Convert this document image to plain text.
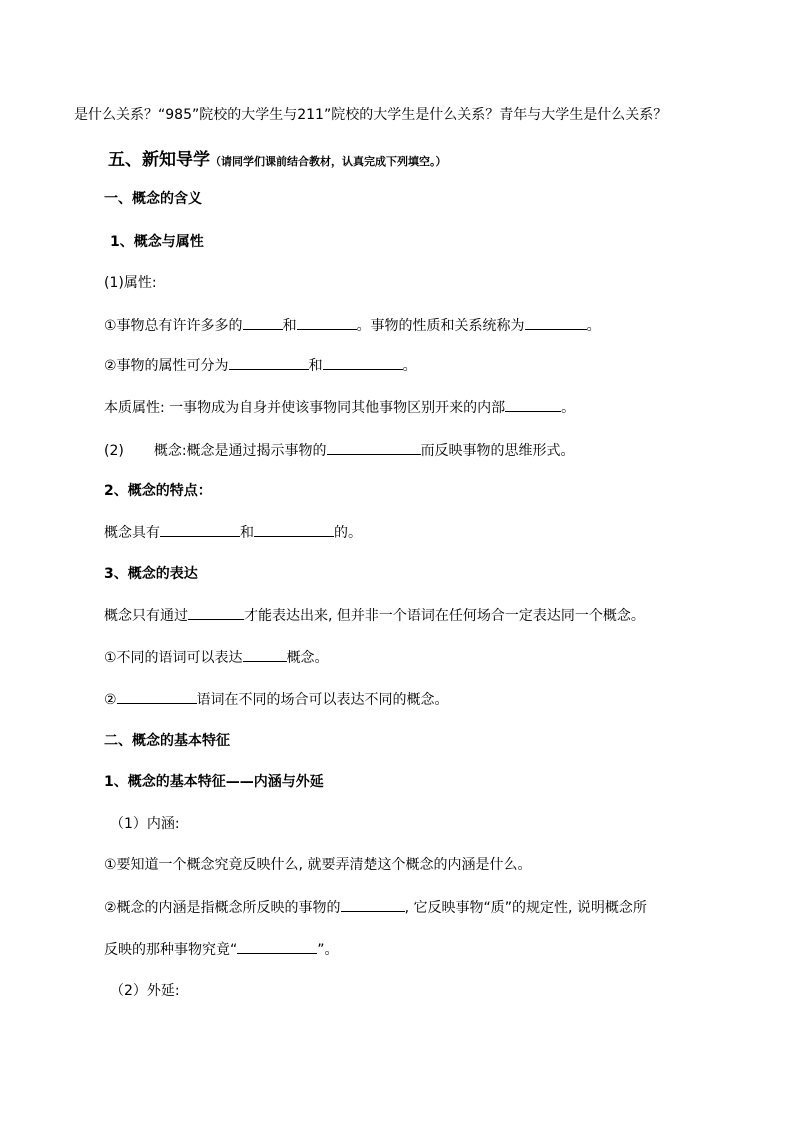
是什么关系？“985”院校的大学生与211”院校的大学生是什么关系？青年与大学生是什么关系？
五、新知导学（请同学们课前结合教材，认真完成下列填空。）
一、概念的含义
1、概念与属性
(1)属性:
①事物总有许许多多的	和	。事物的性质和关系统称为	。
②事物的属性可分为	和	。
本质属性: 一事物成为自身并使该事物同其他事物区别开来的内部	。
(2) 概念:概念是通过揭示事物的	而反映事物的思维形式。
2、概念的特点：
概念具有	和	的。
3、概念的表达
概念只有通过	才能表达出来, 但并非一个语词在任何场合一定表达同一个概念。
①不同的语词可以表达	概念。
②	语词在不同的场合可以表达不同的概念。
二、概念的基本特征
1、概念的基本特征——内涵与外延
（1）内涵:
①要知道一个概念究竟反映什么, 就要弄清楚这个概念的内涵是什么。
②概念的内涵是指概念所反映的事物的	, 它反映事物“质”的规定性, 说明概念所
反映的那种事物究竟“	”。
（2）外延:
